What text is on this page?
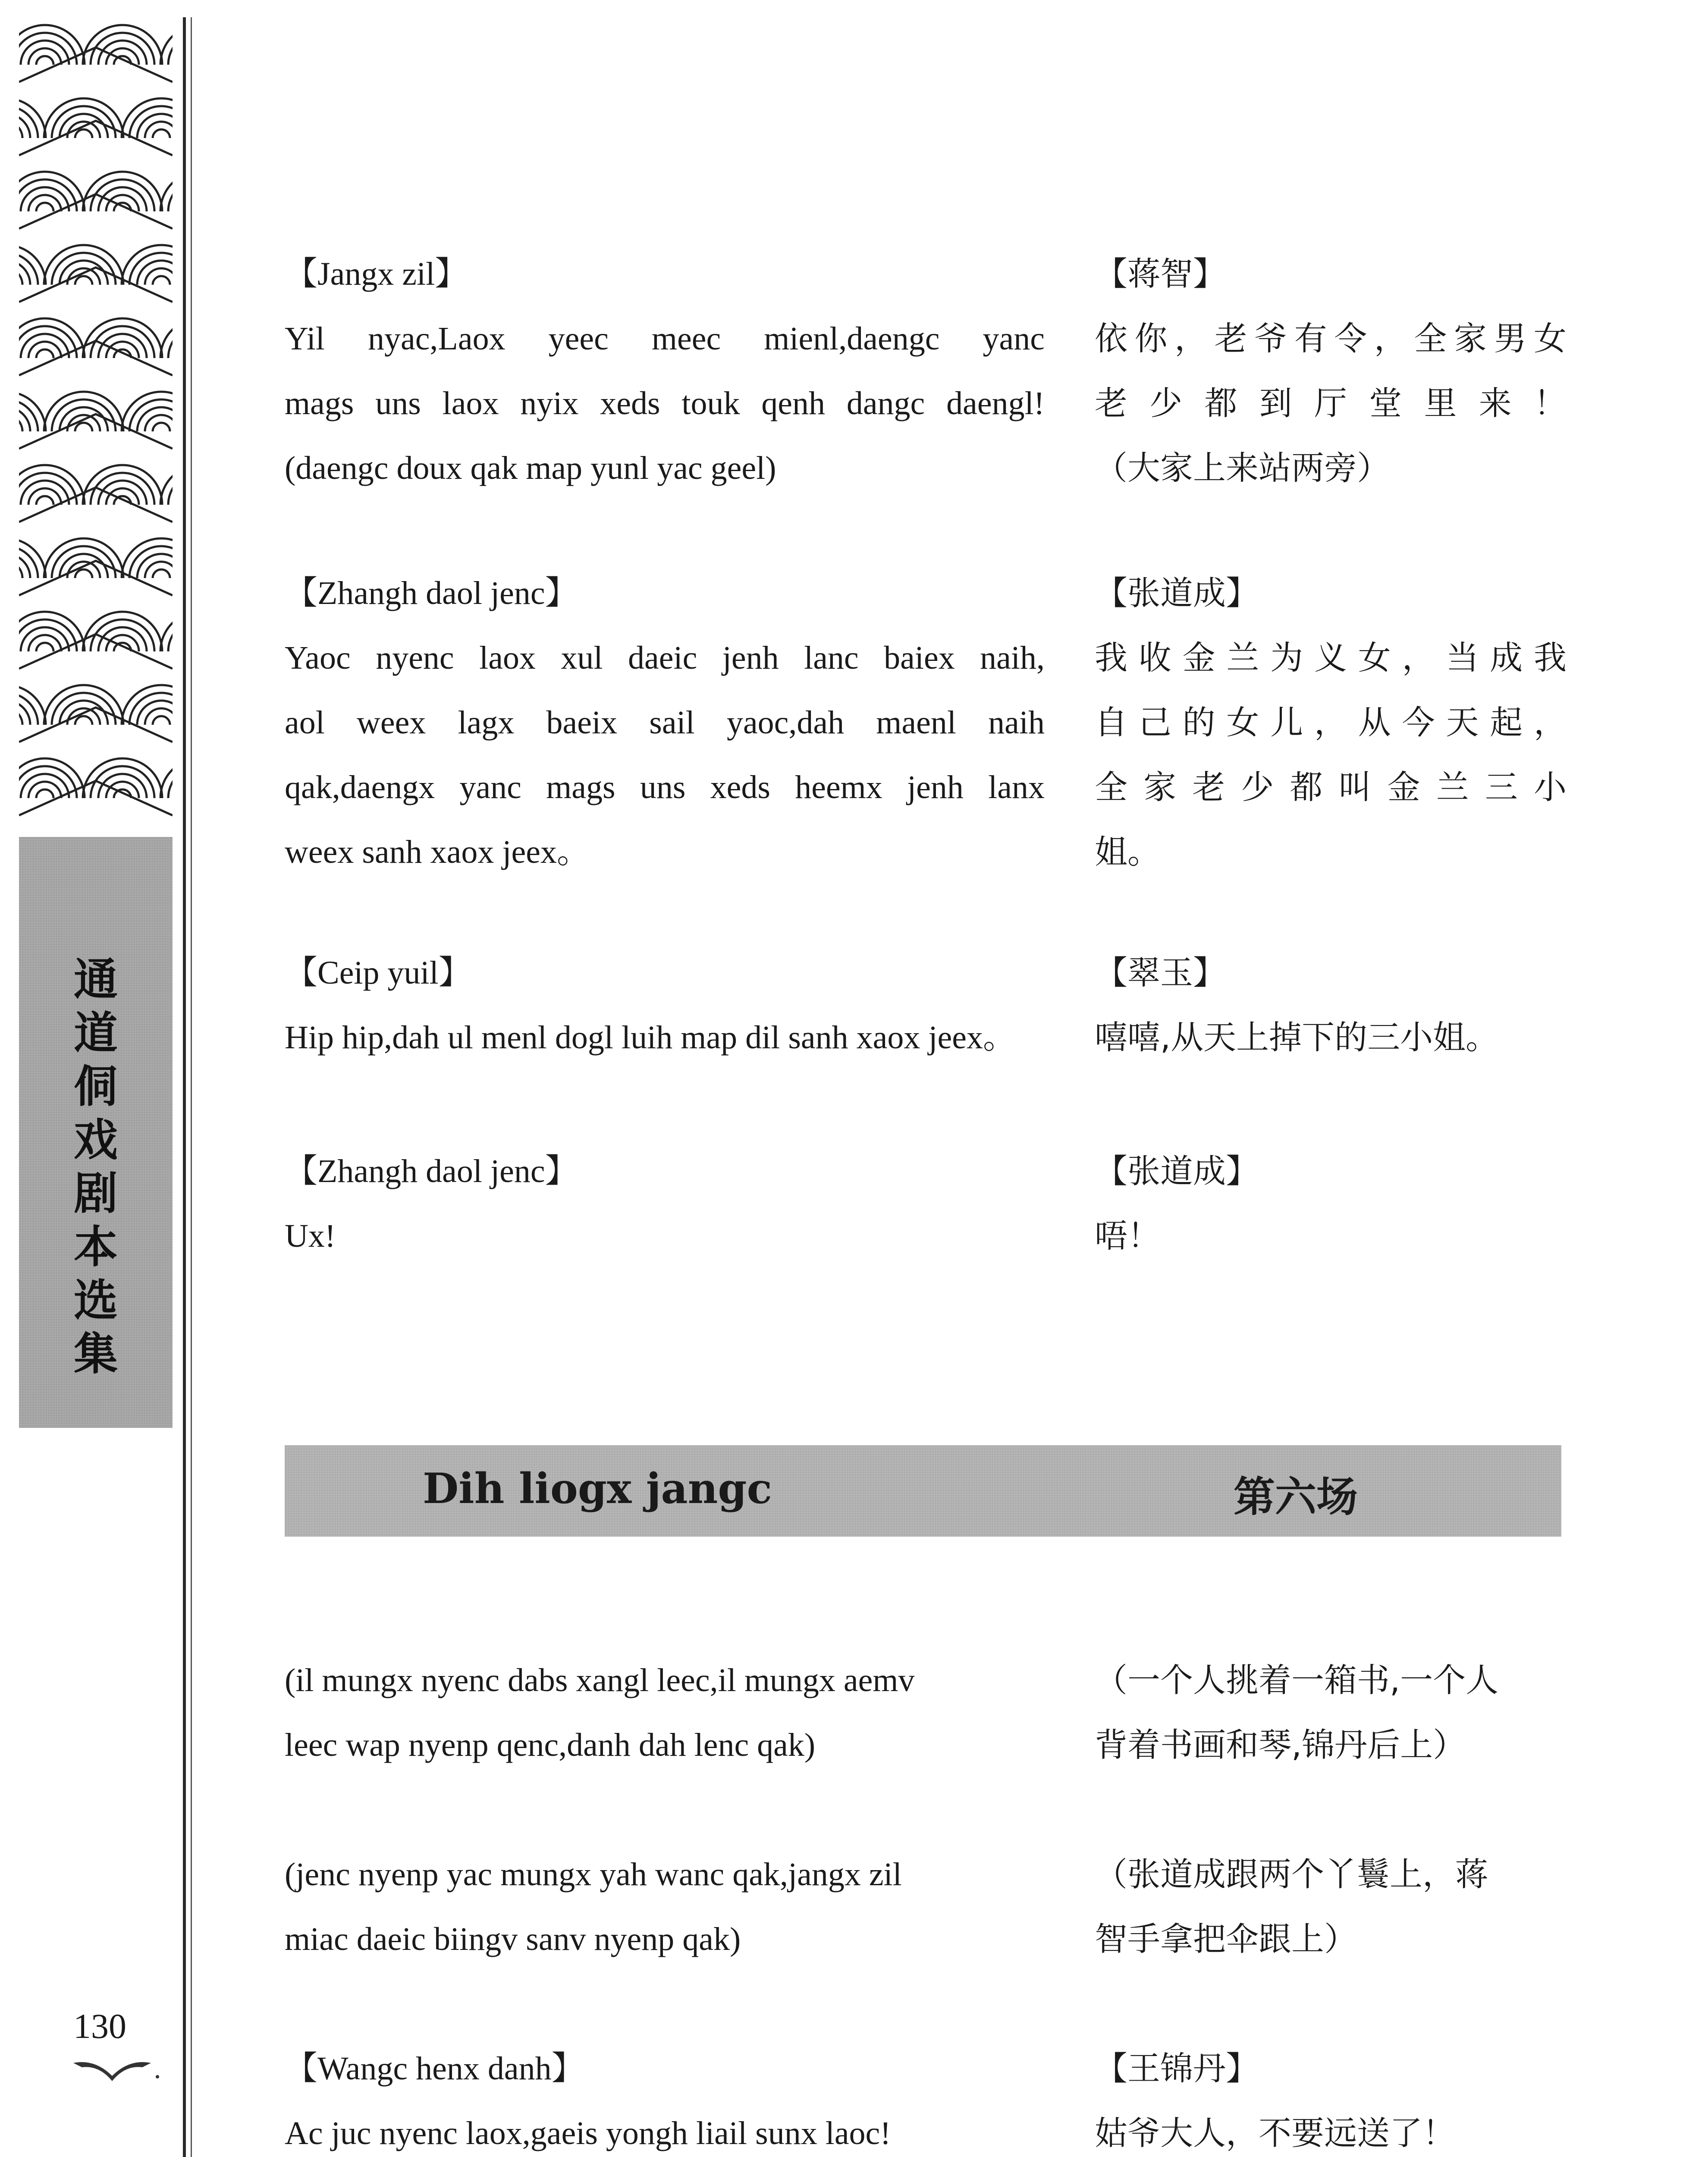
通
道
侗
戏
剧
本
选
集
130
【Jangx zil】
Yil nyac,Laox yeec meec mienl,daengc yanc
mags uns laox nyix xeds touk qenh dangc daengl!
(daengc doux qak map yunl yac geel)
【蒋智】
依你，老爷有令，全家男女
老少都到厅堂里来！
（大家上来站两旁）
【Zhangh daol jenc】
Yaoc nyenc laox xul daeic jenh lanc baiex naih,
aol weex lagx baeix sail yaoc,dah maenl naih
qak,daengx yanc mags uns xeds heemx jenh lanx
weex sanh xaox jeex。
【张道成】
我收金兰为义女，当成我
自己的女儿，从今天起，
全家老少都叫金兰三小
姐。
【Ceip yuil】
Hip hip,dah ul menl dogl luih map dil sanh xaox jeex。
【翠玉】
嘻嘻,从天上掉下的三小姐。
【Zhangh daol jenc】
Ux!
【张道成】
唔！
(il mungx nyenc dabs xangl leec,il mungx aemv
leec wap nyenp qenc,danh dah lenc qak)
（一个人挑着一箱书,一个人
背着书画和琴,锦丹后上）
(jenc nyenp yac mungx yah wanc qak,jangx zil
miac daeic biingv sanv nyenp qak)
（张道成跟两个丫鬟上，蒋
智手拿把伞跟上）
【Wangc henx danh】
Ac juc nyenc laox,gaeis yongh liail sunx laoc!
【王锦丹】
姑爷大人，不要远送了！
Dih liogx jangc	第六场
